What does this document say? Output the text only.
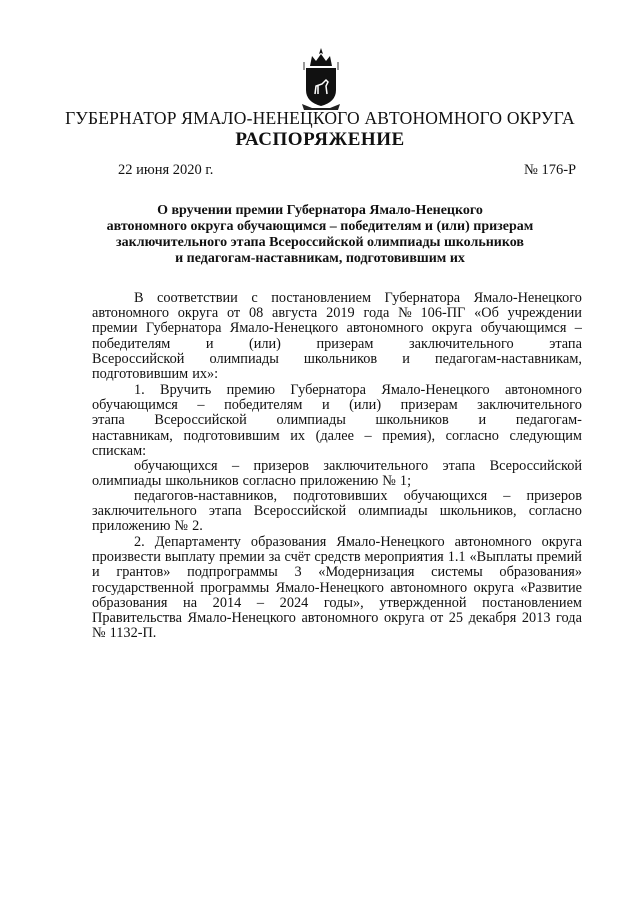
ГУБЕРНАТОР ЯМАЛО-НЕНЕЦКОГО АВТОНОМНОГО ОКРУГА
РАСПОРЯЖЕНИЕ
22 июня 2020 г.	№ 176-Р
О вручении премии Губернатора Ямало-Ненецкого
автономного округа обучающимся – победителям и (или) призерам
заключительного этапа Всероссийской олимпиады школьников
и педагогам-наставникам, подготовившим их
В соответствии с постановлением Губернатора Ямало-Ненецкого
автономного округа от 08 августа 2019 года № 106-ПГ «Об учреждении
премии Губернатора Ямало-Ненецкого автономного округа обучающимся –
победителям и (или) призерам заключительного этапа
Всероссийской олимпиады школьников и педагогам-наставникам,
подготовившим их»:
1. Вручить премию Губернатора Ямало-Ненецкого автономного
обучающимся – победителям и (или) призерам заключительного
этапа Всероссийской олимпиады школьников и педагогам-
наставникам, подготовившим их (далее – премия), согласно следующим
спискам:
обучающихся – призеров заключительного этапа Всероссийской
олимпиады школьников согласно приложению № 1;
педагогов-наставников, подготовивших обучающихся – призеров
заключительного этапа Всероссийской олимпиады школьников, согласно
приложению № 2.
2. Департаменту образования Ямало-Ненецкого автономного округа
произвести выплату премии за счёт средств мероприятия 1.1 «Выплаты премий
и грантов» подпрограммы 3 «Модернизация системы образования»
государственной программы Ямало-Ненецкого автономного округа «Развитие
образования на 2014 – 2024 годы», утвержденной постановлением
Правительства Ямало-Ненецкого автономного округа от 25 декабря 2013 года
№ 1132-П.
